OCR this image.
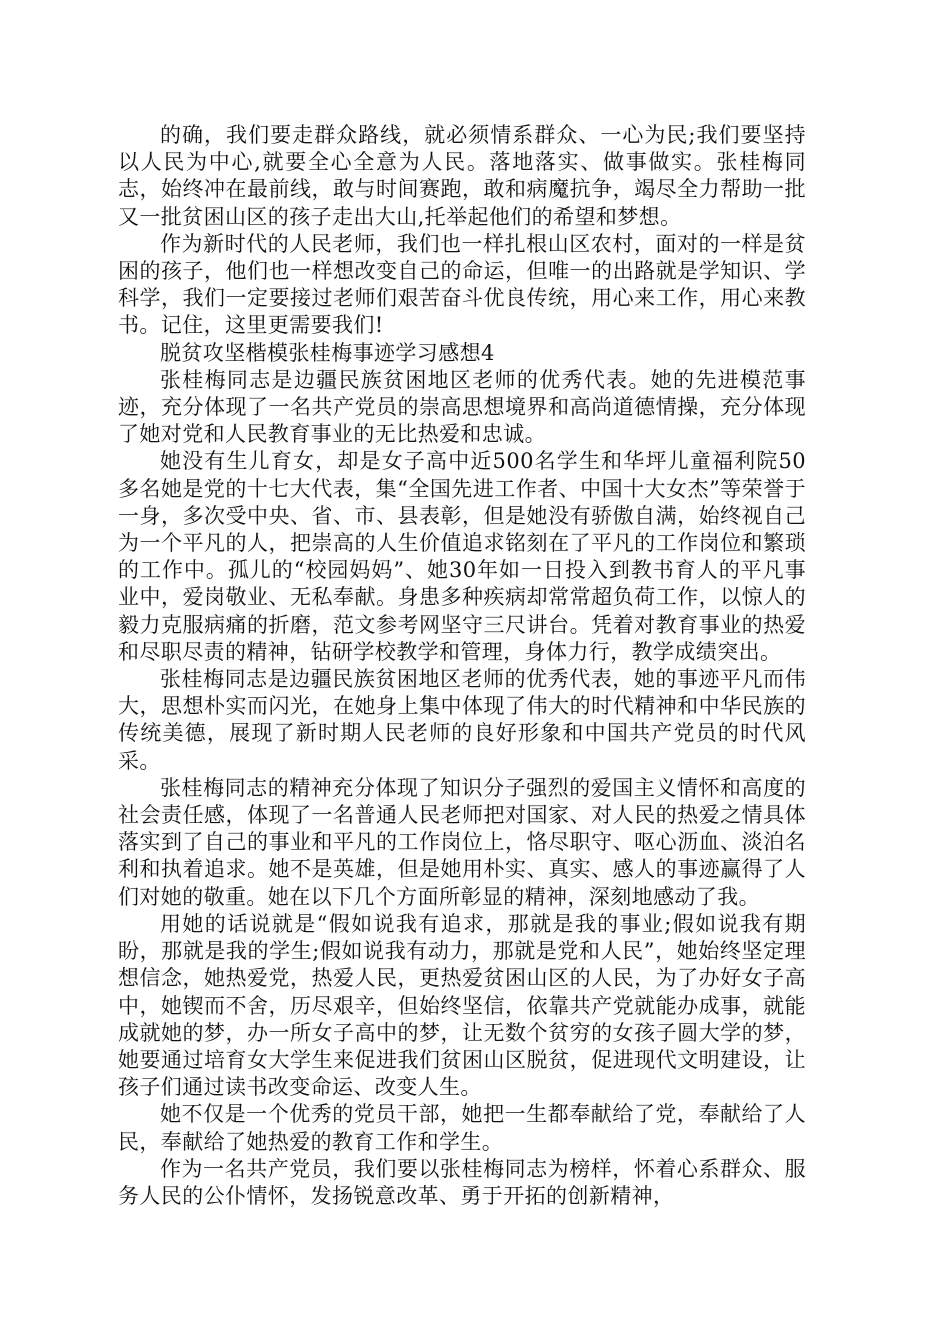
的确，我们要走群众路线，就必须情系群众、一心为民;我们要坚持以人民为中心,就要全心全意为人民。落地落实、做事做实。张桂梅同志，始终冲在最前线，敢与时间赛跑，敢和病魔抗争，竭尽全力帮助一批又一批贫困山区的孩子走出大山,托举起他们的希望和梦想。

作为新时代的人民老师，我们也一样扎根山区农村，面对的一样是贫困的孩子，他们也一样想改变自己的命运，但唯一的出路就是学知识、学科学，我们一定要接过老师们艰苦奋斗优良传统，用心来工作，用心来教书。记住，这里更需要我们!

脱贫攻坚楷模张桂梅事迹学习感想4

张桂梅同志是边疆民族贫困地区老师的优秀代表。她的先进模范事迹，充分体现了一名共产党员的崇高思想境界和高尚道德情操，充分体现了她对党和人民教育事业的无比热爱和忠诚。

她没有生儿育女，却是女子高中近500名学生和华坪儿童福利院50多名她是党的十七大代表，集“全国先进工作者、中国十大女杰”等荣誉于一身，多次受中央、省、市、县表彰，但是她没有骄傲自满，始终视自己为一个平凡的人，把崇高的人生价值追求铭刻在了平凡的工作岗位和繁琐的工作中。孤儿的“校园妈妈”、她30年如一日投入到教书育人的平凡事业中，爱岗敬业、无私奉献。身患多种疾病却常常超负荷工作，以惊人的毅力克服病痛的折磨，范文参考网坚守三尺讲台。凭着对教育事业的热爱和尽职尽责的精神，钻研学校教学和管理，身体力行，教学成绩突出。

张桂梅同志是边疆民族贫困地区老师的优秀代表，她的事迹平凡而伟大，思想朴实而闪光，在她身上集中体现了伟大的时代精神和中华民族的传统美德，展现了新时期人民老师的良好形象和中国共产党员的时代风采。

张桂梅同志的精神充分体现了知识分子强烈的爱国主义情怀和高度的社会责任感，体现了一名普通人民老师把对国家、对人民的热爱之情具体落实到了自己的事业和平凡的工作岗位上，恪尽职守、呕心沥血、淡泊名利和执着追求。她不是英雄，但是她用朴实、真实、感人的事迹赢得了人们对她的敬重。她在以下几个方面所彰显的精神，深刻地感动了我。

用她的话说就是“假如说我有追求，那就是我的事业;假如说我有期盼，那就是我的学生;假如说我有动力，那就是党和人民”，她始终坚定理想信念，她热爱党，热爱人民，更热爱贫困山区的人民，为了办好女子高中，她锲而不舍，历尽艰辛，但始终坚信，依靠共产党就能办成事，就能成就她的梦，办一所女子高中的梦，让无数个贫穷的女孩子圆大学的梦，她要通过培育女大学生来促进我们贫困山区脱贫，促进现代文明建设，让孩子们通过读书改变命运、改变人生。

她不仅是一个优秀的党员干部，她把一生都奉献给了党，奉献给了人民，奉献给了她热爱的教育工作和学生。

作为一名共产党员，我们要以张桂梅同志为榜样，怀着心系群众、服务人民的公仆情怀，发扬锐意改革、勇于开拓的创新精神，
